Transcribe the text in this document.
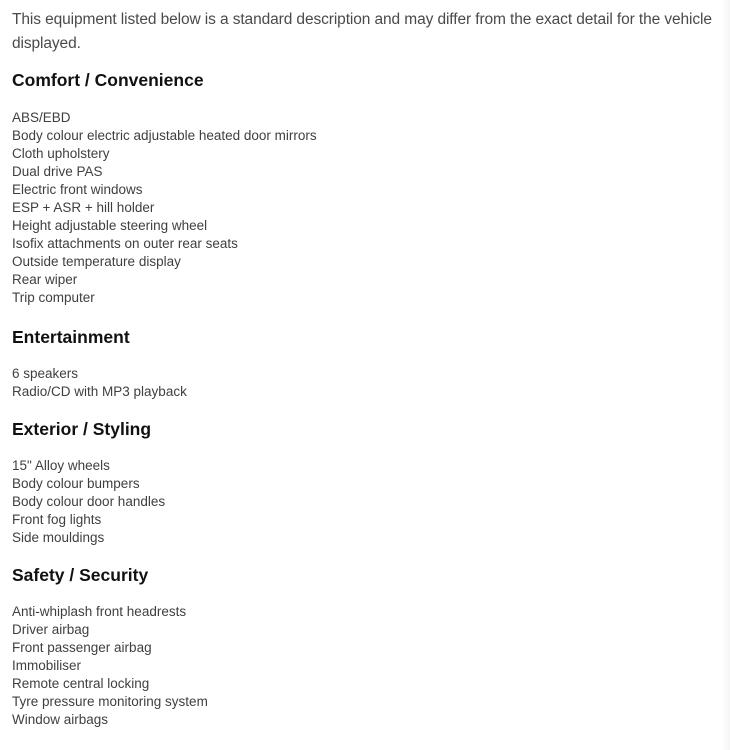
This equipment listed below is a standard description and may differ from the exact detail for the vehicle displayed.

Comfort / Convenience
ABS/EBD
Body colour electric adjustable heated door mirrors
Cloth upholstery
Dual drive PAS
Electric front windows
ESP + ASR + hill holder
Height adjustable steering wheel
Isofix attachments on outer rear seats
Outside temperature display
Rear wiper
Trip computer
Entertainment
6 speakers
Radio/CD with MP3 playback
Exterior / Styling
15" Alloy wheels
Body colour bumpers
Body colour door handles
Front fog lights
Side mouldings
Safety / Security
Anti-whiplash front headrests
Driver airbag
Front passenger airbag
Immobiliser
Remote central locking
Tyre pressure monitoring system
Window airbags
